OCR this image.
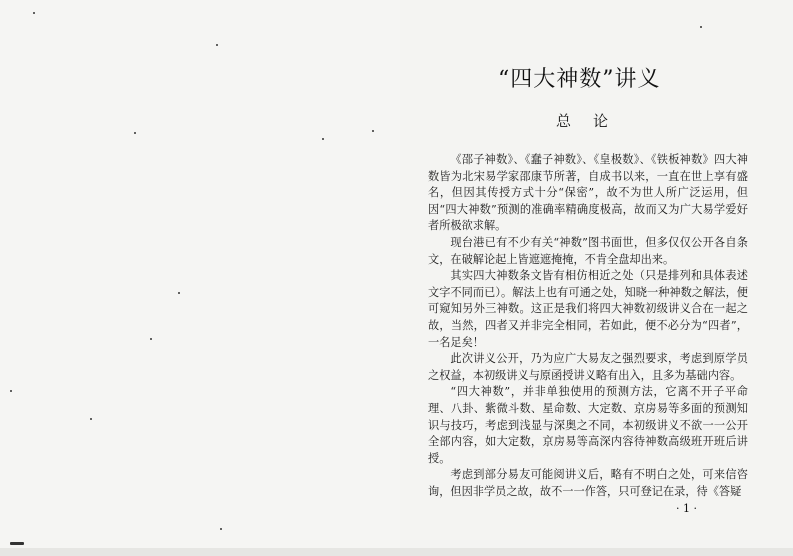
“四大神数”讲义
总论

《邵子神数》、《蠢子神数》、《皇极数》、《铁板神数》四大神数皆为北宋易学家邵康节所著，自成书以来，一直在世上享有盛名，但因其传授方式十分“保密”，故不为世人所广泛运用，但因“四大神数”预测的准确率精确度极高，故而又为广大易学爱好者所极欲求解。

现台港已有不少有关“神数”图书面世，但多仅仅公开各自条文，在破解论起上皆遮遮掩掩，不肯全盘却出来。

其实四大神数条文皆有相仿相近之处（只是排列和具体表述文字不同而已）。解法上也有可通之处，知晓一种神数之解法，便可窥知另外三神数。这正是我们将四大神数初级讲义合在一起之故，当然，四者又并非完全相同，若如此，便不必分为“四者”，一名足矣！

此次讲义公开，乃为应广大易友之强烈要求，考虑到原学员之权益，本初级讲义与原函授讲义略有出入，且多为基础内容。

“四大神数”，并非单独使用的预测方法，它离不开子平命理、八卦、紫微斗数、星命数、大定数、京房易等多面的预测知识与技巧，考虑到浅显与深奥之不同，本初级讲义不欲一一公开全部内容，如大定数，京房易等高深内容待神数高级班开班后讲授。

考虑到部分易友可能阅讲义后，略有不明白之处，可来信咨询，但因非学员之故，故不一一作答，只可登记在录，待《答疑

· 1 ·
